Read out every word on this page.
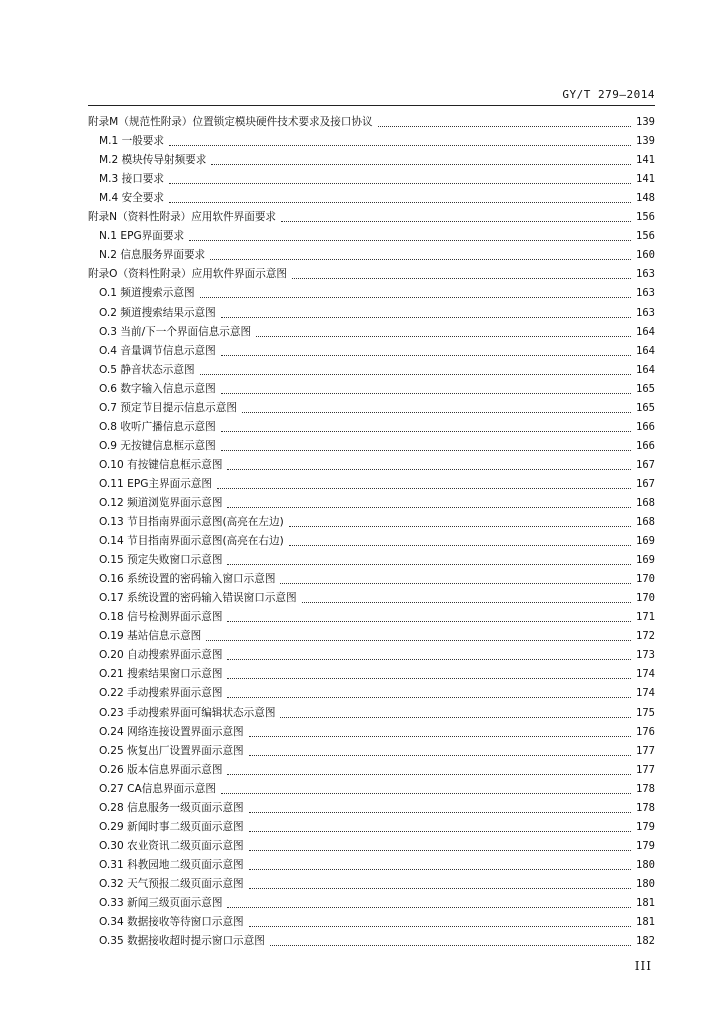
GY/T 279—2014
附录M（规范性附录）位置锁定模块硬件技术要求及接口协议	139
M.1 一般要求	139
M.2 模块传导射频要求	141
M.3 接口要求	141
M.4 安全要求	148
附录N（资料性附录）应用软件界面要求	156
N.1 EPG界面要求	156
N.2 信息服务界面要求	160
附录O（资料性附录）应用软件界面示意图	163
O.1 频道搜索示意图	163
O.2 频道搜索结果示意图	163
O.3 当前/下一个界面信息示意图	164
O.4 音量调节信息示意图	164
O.5 静音状态示意图	164
O.6 数字输入信息示意图	165
O.7 预定节目提示信息示意图	165
O.8 收听广播信息示意图	166
O.9 无按键信息框示意图	166
O.10 有按键信息框示意图	167
O.11 EPG主界面示意图	167
O.12 频道浏览界面示意图	168
O.13 节目指南界面示意图(高亮在左边)	168
O.14 节目指南界面示意图(高亮在右边)	169
O.15 预定失败窗口示意图	169
O.16 系统设置的密码输入窗口示意图	170
O.17 系统设置的密码输入错误窗口示意图	170
O.18 信号检测界面示意图	171
O.19 基站信息示意图	172
O.20 自动搜索界面示意图	173
O.21 搜索结果窗口示意图	174
O.22 手动搜索界面示意图	174
O.23 手动搜索界面可编辑状态示意图	175
O.24 网络连接设置界面示意图	176
O.25 恢复出厂设置界面示意图	177
O.26 版本信息界面示意图	177
O.27 CA信息界面示意图	178
O.28 信息服务一级页面示意图	178
O.29 新闻时事二级页面示意图	179
O.30 农业资讯二级页面示意图	179
O.31 科教园地二级页面示意图	180
O.32 天气预报二级页面示意图	180
O.33 新闻三级页面示意图	181
O.34 数据接收等待窗口示意图	181
O.35 数据接收超时提示窗口示意图	182
III
